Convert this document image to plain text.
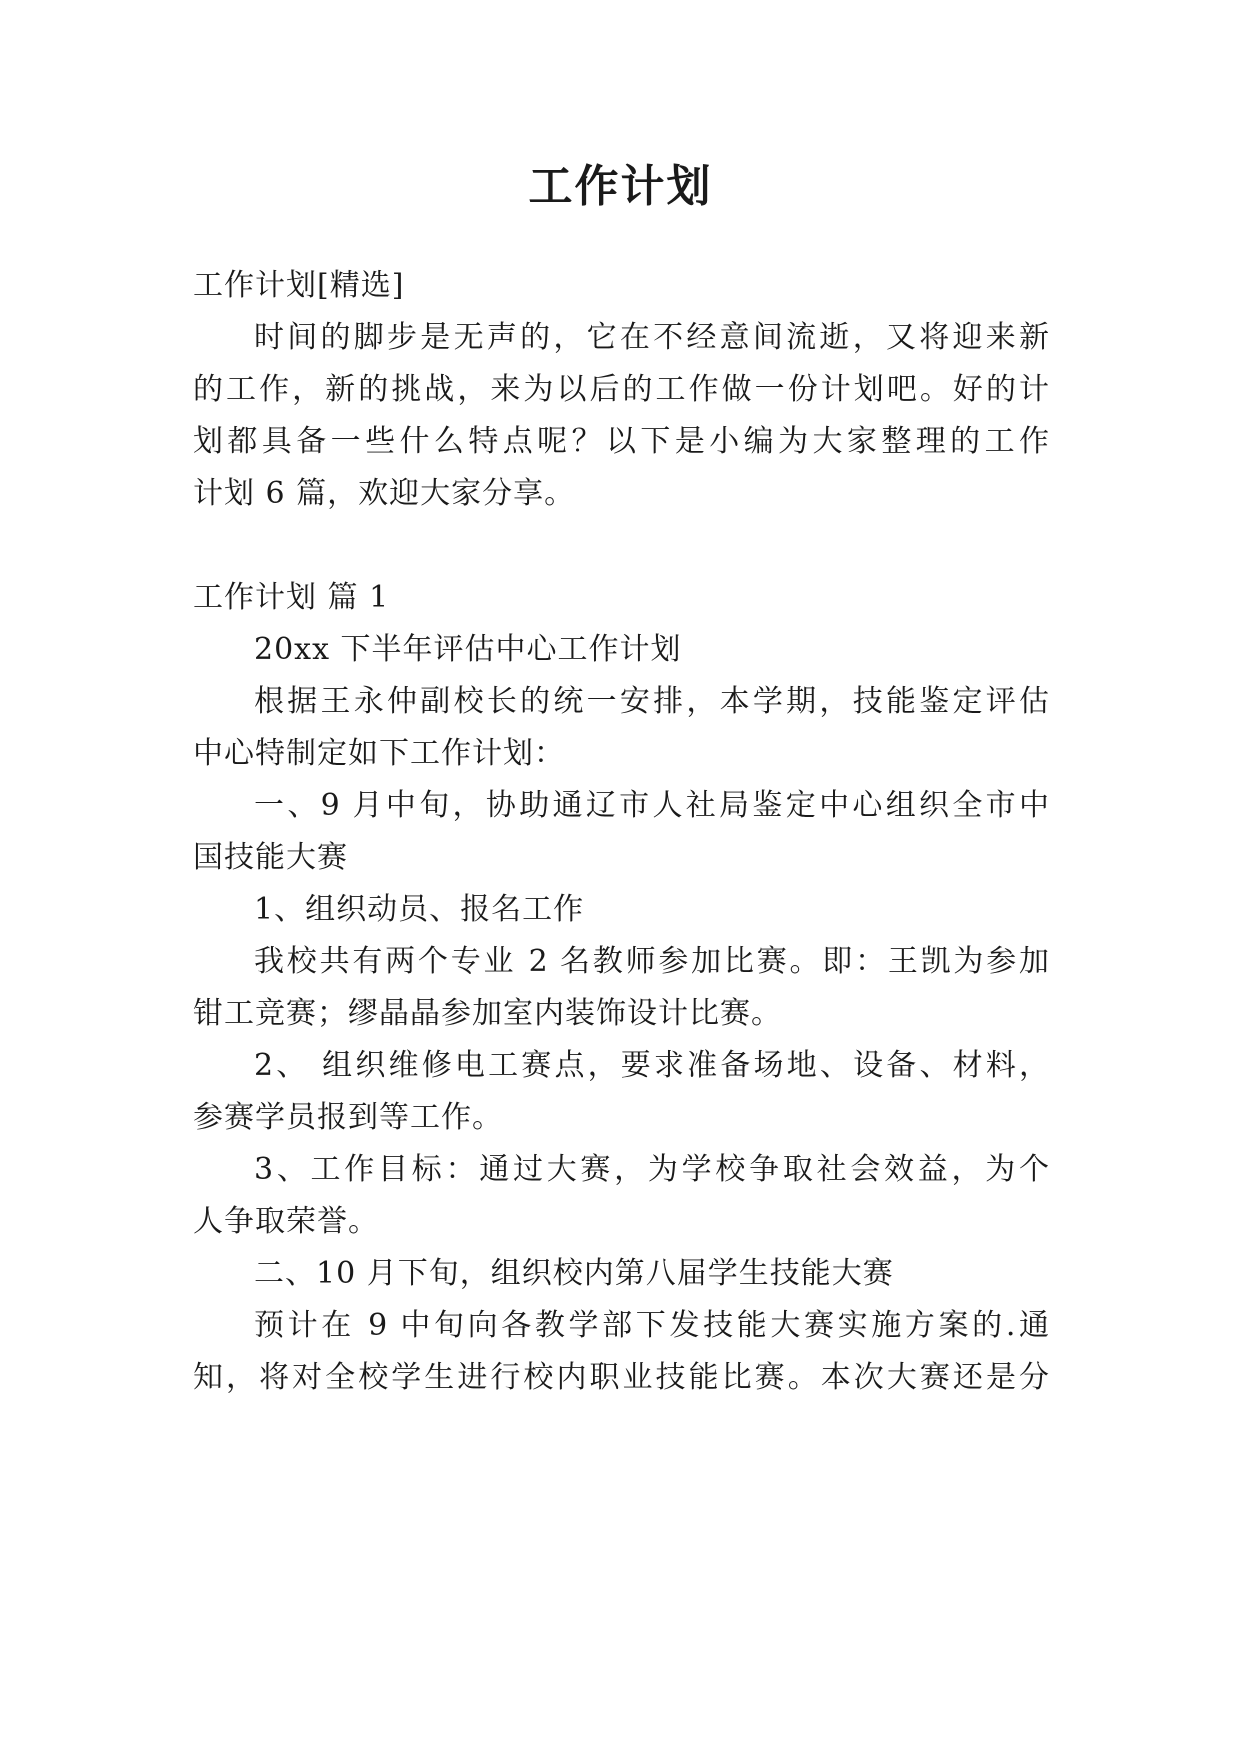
工作计划
工作计划[精选]
时间的脚步是无声的，它在不经意间流逝，又将迎来新
的工作，新的挑战，来为以后的工作做一份计划吧。好的计
划都具备一些什么特点呢？以下是小编为大家整理的工作
计划 6 篇，欢迎大家分享。
工作计划 篇 1
20xx 下半年评估中心工作计划
根据王永仲副校长的统一安排，本学期，技能鉴定评估
中心特制定如下工作计划：
一、9 月中旬，协助通辽市人社局鉴定中心组织全市中
国技能大赛
1、组织动员、报名工作
我校共有两个专业 2 名教师参加比赛。即：王凯为参加
钳工竞赛；缪晶晶参加室内装饰设计比赛。
2、 组织维修电工赛点，要求准备场地、设备、材料，
参赛学员报到等工作。
3、工作目标：通过大赛，为学校争取社会效益，为个
人争取荣誉。
二、10 月下旬，组织校内第八届学生技能大赛
预计在 9 中旬向各教学部下发技能大赛实施方案的.通
知，将对全校学生进行校内职业技能比赛。本次大赛还是分
